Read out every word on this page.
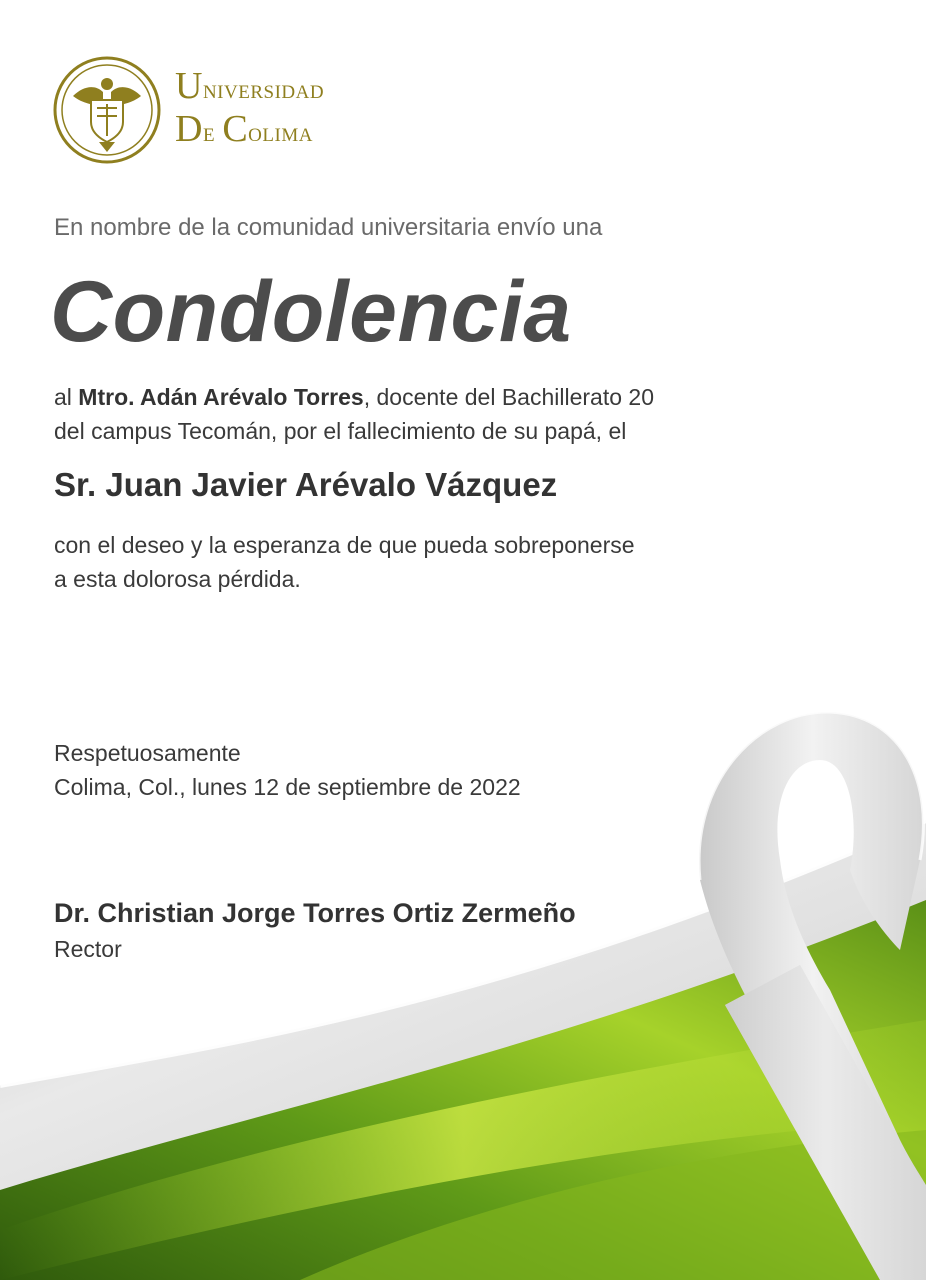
Universidad
De Colima
En nombre de la comunidad universitaria envío una
Condolencia
al Mtro. Adán Arévalo Torres, docente del Bachillerato 20
del campus Tecomán, por el fallecimiento de su papá, el
Sr. Juan Javier Arévalo Vázquez
con el deseo y la esperanza de que pueda sobreponerse
a esta dolorosa pérdida.
Respetuosamente
Colima, Col., lunes 12 de septiembre de 2022
Dr. Christian Jorge Torres Ortiz Zermeño
Rector
